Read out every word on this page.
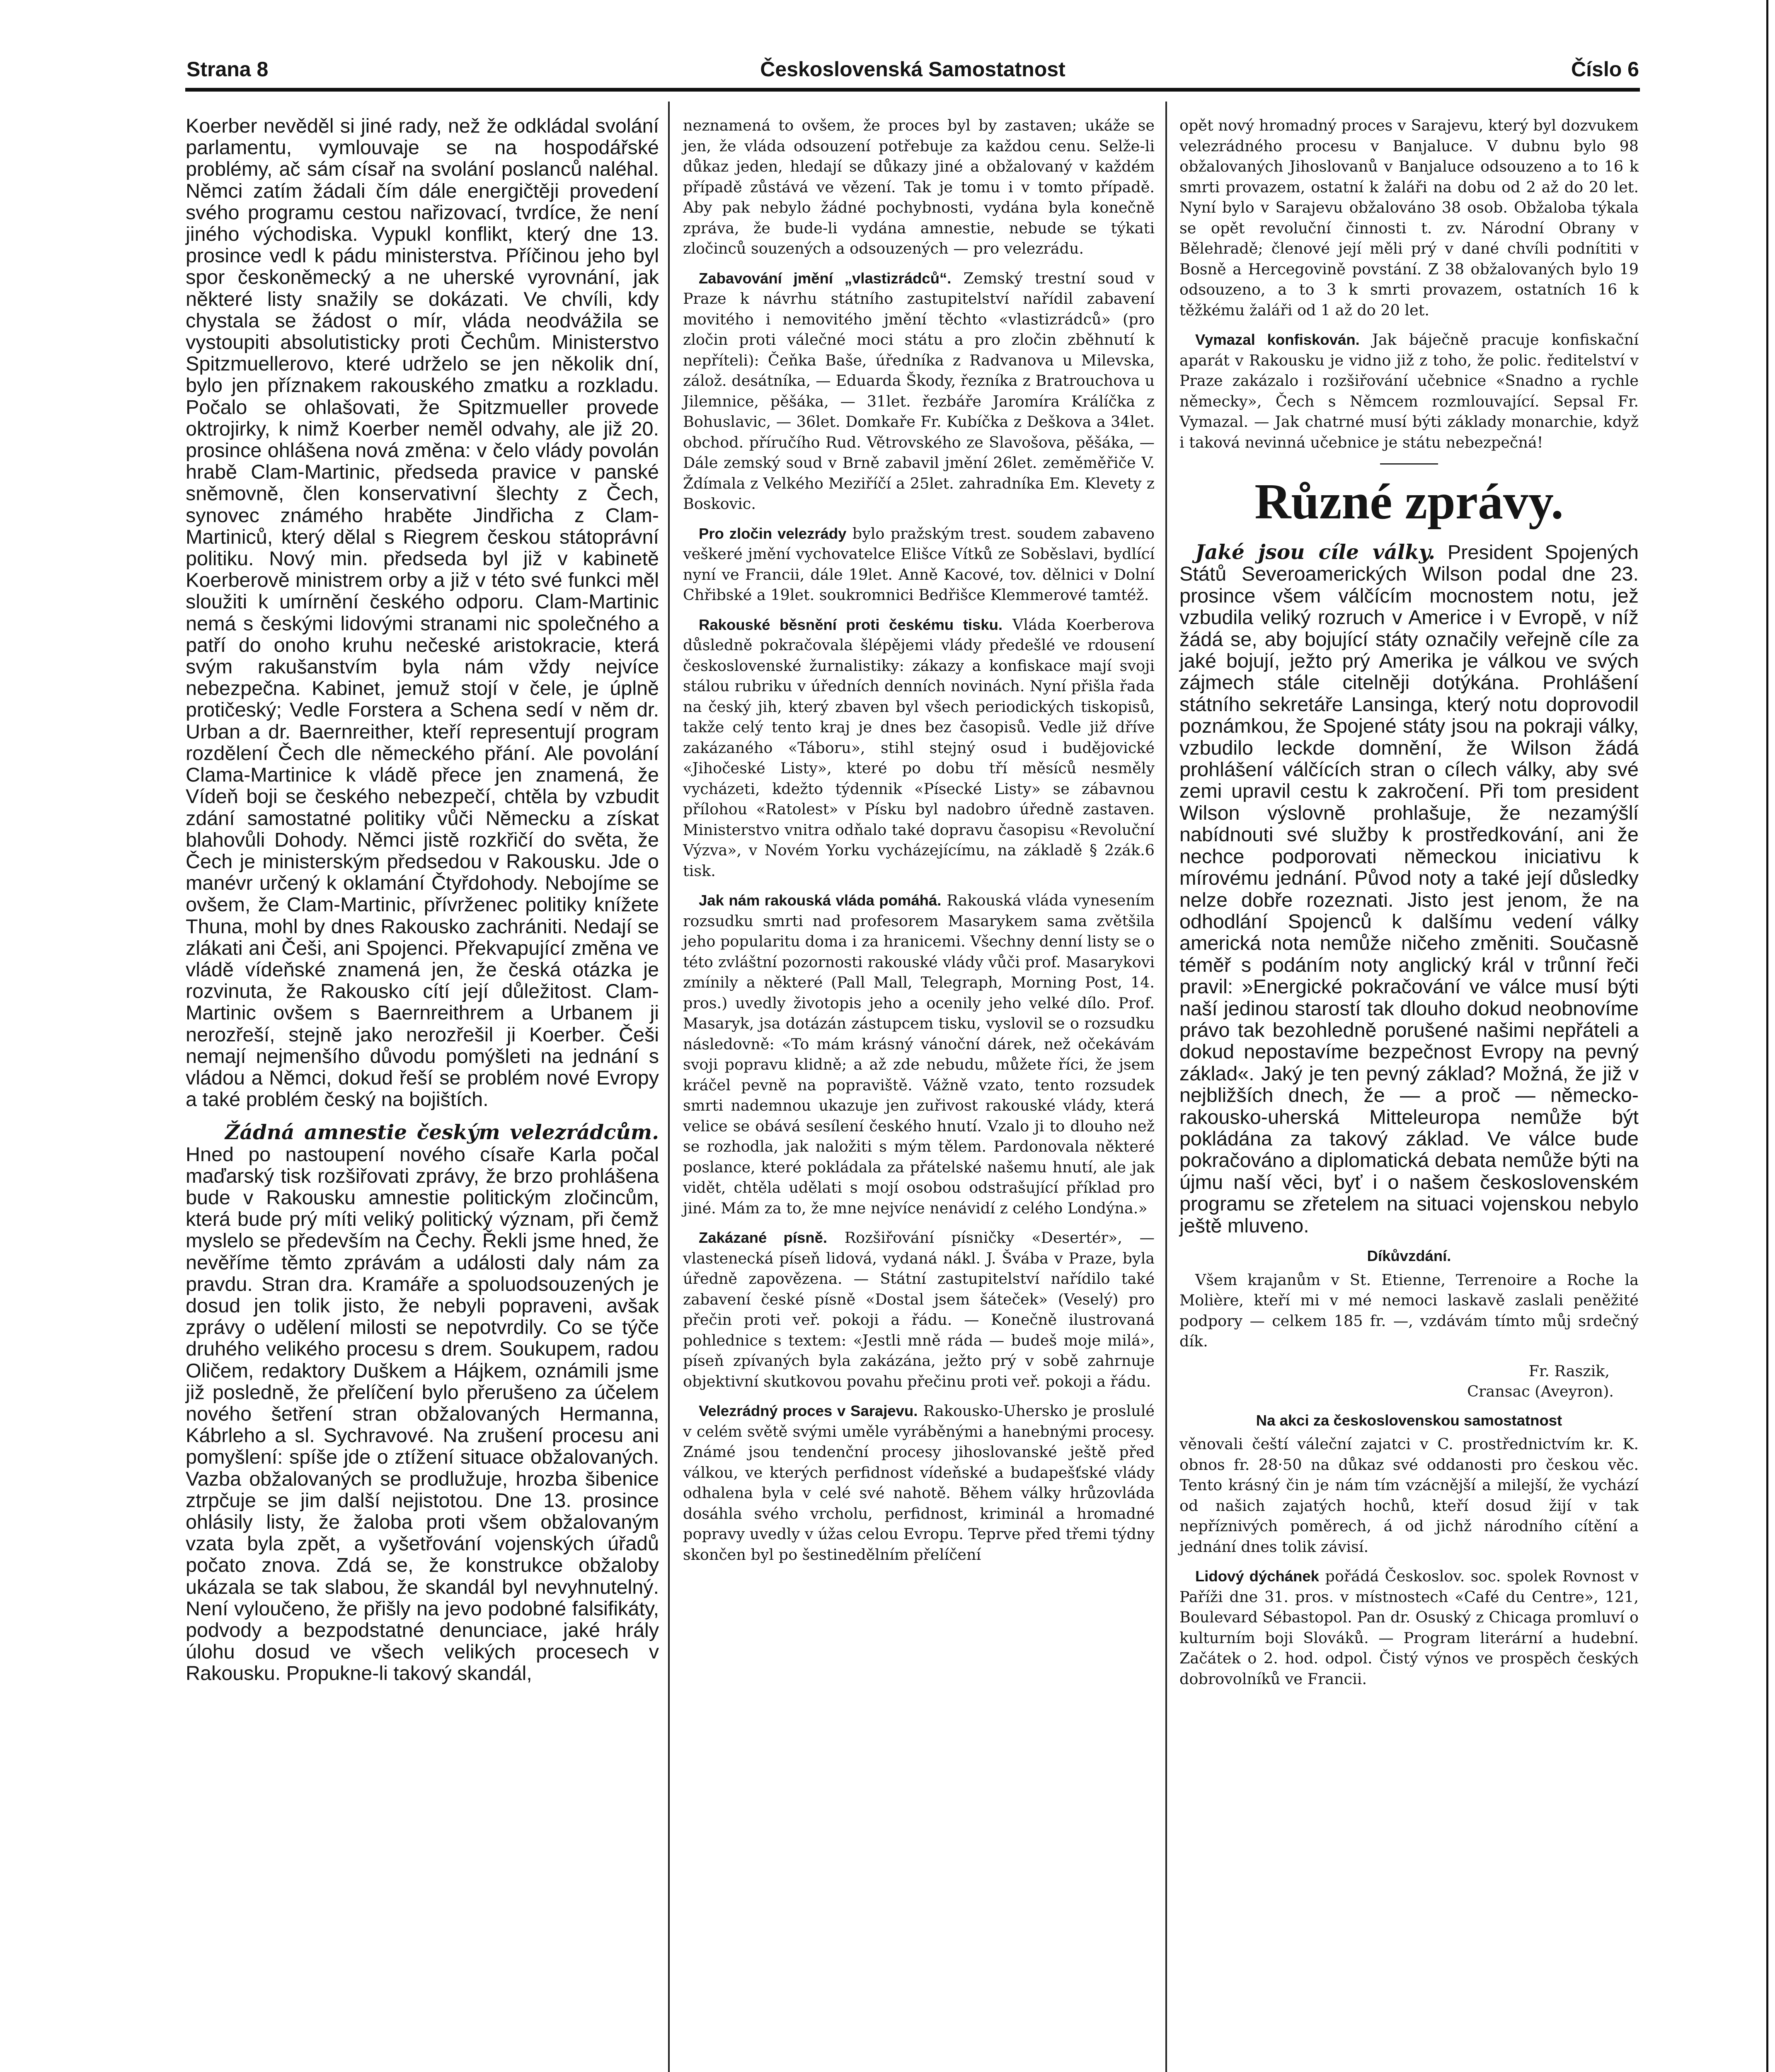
Československá Samostatnost
Strana 8	Číslo 6

Koerber nevěděl si jiné rady, než že odkládal svolání parlamentu, vymlouvaje se na hospodářské problémy, ač sám císař na svolání poslanců naléhal. Němci zatím žádali čím dále energičtěji provedení svého programu cestou nařizovací, tvrdíce, že není jiného východiska. Vypukl konflikt, který dne 13. prosince vedl k pádu ministerstva. Příčinou jeho byl spor českoněmecký a ne uherské vyrovnání, jak některé listy snažily se dokázati. Ve chvíli, kdy chystala se žádost o mír, vláda neodvážila se vystoupiti absolutisticky proti Čechům. Ministerstvo Spitzmuellerovo, které udrželo se jen několik dní, bylo jen příznakem rakouského zmatku a rozkladu. Počalo se ohlašovati, že Spitzmueller provede oktrojirky, k nimž Koerber neměl odvahy, ale již 20. prosince ohlášena nová změna: v čelo vlády povolán hrabě Clam-Martinic, předseda pravice v panské sněmovně, člen konservativní šlechty z Čech, synovec známého hraběte Jindřicha z Clam-Martiniců, který dělal s Riegrem českou státoprávní politiku. Nový min. předseda byl již v kabinetě Koerberově ministrem orby a již v této své funkci měl sloužiti k umírnění českého odporu. Clam-Martinic nemá s českými lidovými stranami nic společného a patří do onoho kruhu nečeské aristokracie, která svým rakušanstvím byla nám vždy nejvíce nebezpečna. Kabinet, jemuž stojí v čele, je úplně protičeský; Vedle Forstera a Schena sedí v něm dr. Urban a dr. Baernreither, kteří representují program rozdělení Čech dle německého přání. Ale povolání Clama-Martinice k vládě přece jen znamená, že Vídeň boji se českého nebezpečí, chtěla by vzbudit zdání samostatné politiky vůči Německu a získat blahovůli Dohody. Němci jistě rozkřičí do světa, že Čech je ministerským předsedou v Rakousku. Jde o manévr určený k oklamání Čtyřdohody. Nebojíme se ovšem, že Clam-Martinic, přívrženec politiky knížete Thuna, mohl by dnes Rakousko zachrániti. Nedají se zlákati ani Češi, ani Spojenci. Překvapující změna ve vládě vídeňské znamená jen, že česká otázka je rozvinuta, že Rakousko cítí její důležitost. Clam-Martinic ovšem s Baernreithrem a Urbanem ji nerozřeší, stejně jako nerozřešil ji Koerber. Češi nemají nejmenšího důvodu pomýšleti na jednání s vládou a Němci, dokud řeší se problém nové Evropy a také problém český na bojištích.

Žádná amnestie českým velezrádcům. Hned po nastoupení nového císaře Karla počal maďarský tisk rozšiřovati zprávy, že brzo prohlášena bude v Rakousku amnestie politickým zločincům, která bude prý míti veliký politický význam, při čemž myslelo se především na Čechy. Řekli jsme hned, že nevěříme těmto zprávám a události daly nám za pravdu. Stran dra. Kramáře a spoluodsouzených je dosud jen tolik jisto, že nebyli popraveni, avšak zprávy o udělení milosti se nepotvrdily. Co se týče druhého velikého procesu s drem. Soukupem, radou Oličem, redaktory Duškem a Hájkem, oznámili jsme již posledně, že přelíčení bylo přerušeno za účelem nového šetření stran obžalovaných Hermanna, Kábrleho a sl. Sychravové. Na zrušení procesu ani pomyšlení: spíše jde o ztížení situace obžalovaných. Vazba obžalovaných se prodlužuje, hrozba šibenice ztrpčuje se jim další nejistotou. Dne 13. prosince ohlásily listy, že žaloba proti všem obžalovaným vzata byla zpět, a vyšetřování vojenských úřadů počato znova. Zdá se, že konstrukce obžaloby ukázala se tak slabou, že skandál byl nevyhnutelný. Není vyloučeno, že přišly na jevo podobné falsifikáty, podvody a bezpodstatné denunciace, jaké hrály úlohu dosud ve všech velikých procesech v Rakousku. Propukne-li takový skandál,

neznamená to ovšem, že proces byl by zastaven; ukáže se jen, že vláda odsouzení potřebuje za každou cenu. Selže-li důkaz jeden, hledají se důkazy jiné a obžalovaný v každém případě zůstává ve vězení. Tak je tomu i v tomto případě. Aby pak nebylo žádné pochybnosti, vydána byla konečně zpráva, že bude-li vydána amnestie, nebude se týkati zločinců souzených a odsouzených — pro velezrádu.

Zabavování jmění „vlastizrádců“. Zemský trestní soud v Praze k návrhu státního zastupitelství nařídil zabavení movitého i nemovitého jmění těchto «vlastizrádců» (pro zločin proti válečné moci státu a pro zločin zběhnutí k nepříteli): Čeňka Baše, úředníka z Radvanova u Milevska, zálož. desátníka, — Eduarda Škody, řezníka z Bratrouchova u Jilemnice, pěšáka, — 31let. řezbáře Jaromíra Králíčka z Bohuslavic, — 36let. Domkaře Fr. Kubíčka z Deškova a 34let. obchod. příručího Rud. Větrovského ze Slavošova, pěšáka, — Dále zemský soud v Brně zabavil jmění 26let. zeměměřiče V. Ždímala z Velkého Meziříčí a 25let. zahradníka Em. Klevety z Boskovic.

Pro zločin velezrády bylo pražským trest. soudem zabaveno veškeré jmění vychovatelce Elišce Vítků ze Soběslavi, bydlící nyní ve Francii, dále 19let. Anně Kacové, tov. dělnici v Dolní Chřibské a 19let. soukromnici Bedřišce Klemmerové tamtéž.

Rakouské běsnění proti českému tisku. Vláda Koerberova důsledně pokračovala šlépějemi vlády předešlé ve rdousení československé žurnalistiky: zákazy a konfiskace mají svoji stálou rubriku v úředních denních novinách. Nyní přišla řada na český jih, který zbaven byl všech periodických tiskopisů, takže celý tento kraj je dnes bez časopisů. Vedle již dříve zakázaného «Táboru», stihl stejný osud i budějovické «Jihočeské Listy», které po dobu tří měsíců nesměly vycházeti, kdežto týdennik «Písecké Listy» se zábavnou přílohou «Ratolest» v Písku byl nadobro úředně zastaven. Ministerstvo vnitra odňalo také dopravu časopisu «Revoluční Výzva», v Novém Yorku vycházejícímu, na základě § 2zák.6 tisk.

Jak nám rakouská vláda pomáhá. Rakouská vláda vynesením rozsudku smrti nad profesorem Masarykem sama zvětšila jeho popularitu doma i za hranicemi. Všechny denní listy se o této zvláštní pozornosti rakouské vlády vůči prof. Masarykovi zmínily a některé (Pall Mall, Telegraph, Morning Post, 14. pros.) uvedly životopis jeho a ocenily jeho velké dílo. Prof. Masaryk, jsa dotázán zástupcem tisku, vyslovil se o rozsudku následovně: «To mám krásný vánoční dárek, než očekávám svoji popravu klidně; a až zde nebudu, můžete říci, že jsem kráčel pevně na popraviště. Vážně vzato, tento rozsudek smrti nademnou ukazuje jen zuřivost rakouské vlády, která velice se obává sesílení českého hnutí. Vzalo ji to dlouho než se rozhodla, jak naložiti s mým tělem. Pardonovala některé poslance, které pokládala za přátelské našemu hnutí, ale jak vidět, chtěla udělati s mojí osobou odstrašující příklad pro jiné. Mám za to, že mne nejvíce nenávidí z celého Londýna.»

Zakázané písně. Rozšiřování písničky «Desertér», — vlastenecká píseň lidová, vydaná nákl. J. Švába v Praze, byla úředně zapovězena. — Státní zastupitelství nařídilo také zabavení české písně «Dostal jsem šáteček» (Veselý) pro přečin proti veř. pokoji a řádu. — Konečně ilustrovaná pohlednice s textem: «Jestli mně ráda — budeš moje milá», píseň zpívaných byla zakázána, ježto prý v sobě zahrnuje objektivní skutkovou povahu přečinu proti veř. pokoji a řádu.

Velezrádný proces v Sarajevu. Rakousko-Uhersko je proslulé v celém světě svými uměle vyráběnými a hanebnými procesy. Známé jsou tendenční procesy jihoslovanské ještě před válkou, ve kterých perfidnost vídeňské a budapešťské vlády odhalena byla v celé své nahotě. Během války hrůzovláda dosáhla svého vrcholu, perfidnost, kriminál a hromadné popravy uvedly v úžas celou Evropu. Teprve před třemi týdny skončen byl po šestinedělním přelíčení

opět nový hromadný proces v Sarajevu, který byl dozvukem velezrádného procesu v Banjaluce. V dubnu bylo 98 obžalovaných Jihoslovanů v Banjaluce odsouzeno a to 16 k smrti provazem, ostatní k žaláři na dobu od 2 až do 20 let. Nyní bylo v Sarajevu obžalováno 38 osob. Obžaloba týkala se opět revoluční činnosti t. zv. Národní Obrany v Bělehradě; členové její měli prý v dané chvíli podnítiti v Bosně a Hercegovině povstání. Z 38 obžalovaných bylo 19 odsouzeno, a to 3 k smrti provazem, ostatních 16 k těžkému žaláři od 1 až do 20 let.

Vymazal konfiskován. Jak báječně pracuje konfiskační aparát v Rakousku je vidno již z toho, že polic. ředitelství v Praze zakázalo i rozšiřování učebnice «Snadno a rychle německy», Čech s Němcem rozmlouvající. Sepsal Fr. Vymazal. — Jak chatrné musí býti základy monarchie, když i taková nevinná učebnice je státu nebezpečná!

Různé zprávy.

Jaké jsou cíle války. President Spojených Států Severoamerických Wilson podal dne 23. prosince všem válčícím mocnostem notu, jež vzbudila veliký rozruch v Americe i v Evropě, v níž žádá se, aby bojující státy označily veřejně cíle za jaké bojují, ježto prý Amerika je válkou ve svých zájmech stále citelněji dotýkána. Prohlášení státního sekretáře Lansinga, který notu doprovodil poznámkou, že Spojené státy jsou na pokraji války, vzbudilo leckde domnění, že Wilson žádá prohlášení válčících stran o cílech války, aby své zemi upravil cestu k zakročení. Při tom president Wilson výslovně prohlašuje, že nezamýšlí nabídnouti své služby k prostředkování, ani že nechce podporovati německou iniciativu k mírovému jednání. Původ noty a také její důsledky nelze dobře rozeznati. Jisto jest jenom, že na odhodlání Spojenců k dalšímu vedení války americká nota nemůže ničeho změniti. Současně téměř s podáním noty anglický král v trůnní řeči pravil: »Energické pokračování ve válce musí býti naší jedinou starostí tak dlouho dokud neobnovíme právo tak bezohledně porušené našimi nepřáteli a dokud nepostavíme bezpečnost Evropy na pevný základ«. Jaký je ten pevný základ? Možná, že již v nejbližších dnech, že — a proč — německo-rakousko-uherská Mitteleuropa nemůže být pokládána za takový základ. Ve válce bude pokračováno a diplomatická debata nemůže býti na újmu naší věci, byť i o našem československém programu se zřetelem na situaci vojenskou nebylo ještě mluveno.

Díkůvzdání.

Všem krajanům v St. Etienne, Terrenoire a Roche la Molière, kteří mi v mé nemoci laskavě zaslali peněžité podpory — celkem 185 fr. —, vzdávám tímto můj srdečný dík.

Fr. Raszik,

Cransac (Aveyron).

Na akci za československou samostatnost

věnovali čeští váleční zajatci v C. prostřednictvím kr. K. obnos fr. 28·50 na důkaz své oddanosti pro českou věc. Tento krásný čin je nám tím vzácnější a milejší, že vychází od našich zajatých hochů, kteří dosud žijí v tak nepříznivých poměrech, á od jichž národního cítění a jednání dnes tolik závisí.

Lidový dýchánek pořádá Českoslov. soc. spolek Rovnost v Paříži dne 31. pros. v místnostech «Café du Centre», 121, Boulevard Sébastopol. Pan dr. Osuský z Chicaga promluví o kulturním boji Slováků. — Program literární a hudební. Začátek o 2. hod. odpol. Čistý výnos ve prospěch českých dobrovolníků ve Francii.
